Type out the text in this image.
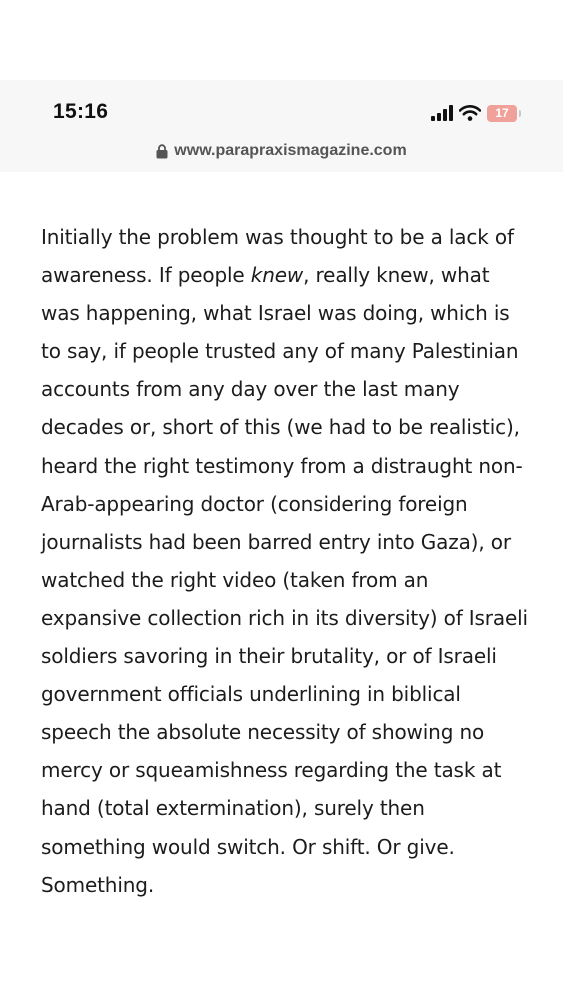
15:16	17
www.parapraxismagazine.com

Initially the problem was thought to be a lack of awareness. If people knew, really knew, what was happening, what Israel was doing, which is to say, if people trusted any of many Palestinian accounts from any day over the last many decades or, short of this (we had to be realistic), heard the right testimony from a distraught non-Arab-appearing doctor (considering foreign journalists had been barred entry into Gaza), or watched the right video (taken from an expansive collection rich in its diversity) of Israeli soldiers savoring in their brutality, or of Israeli government officials underlining in biblical speech the absolute necessity of showing no mercy or squeamishness regarding the task at hand (total extermination), surely then something would switch. Or shift. Or give. Something.
